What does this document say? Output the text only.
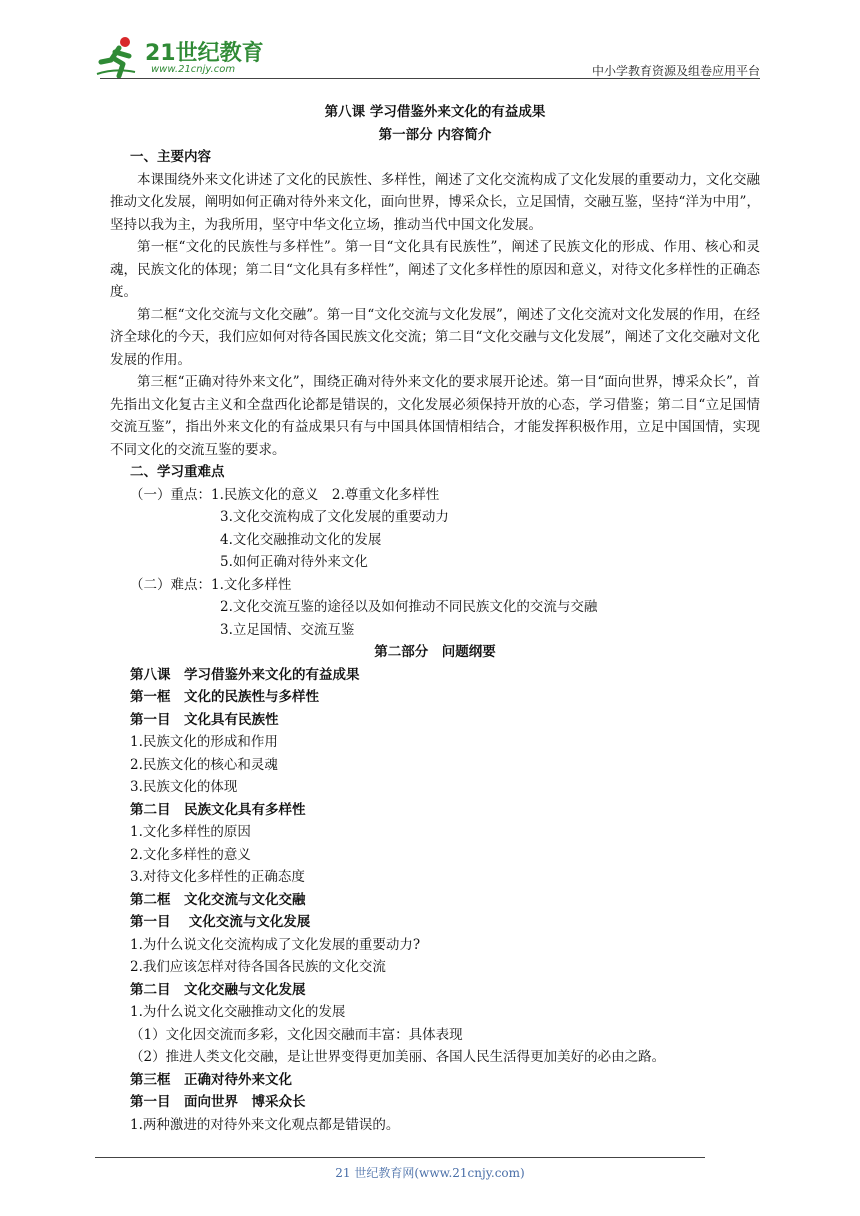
21世纪教育
www.21cnjy.com	中小学教育资源及组卷应用平台
第八课 学习借鉴外来文化的有益成果
第一部分 内容简介
一、主要内容
本课围绕外来文化讲述了文化的民族性、多样性，阐述了文化交流构成了文化发展的重要动力，文化交融推动文化发展，阐明如何正确对待外来文化，面向世界，博采众长，立足国情，交融互鉴，坚持“洋为中用”，坚持以我为主，为我所用，坚守中华文化立场，推动当代中国文化发展。
第一框“文化的民族性与多样性”。第一目“文化具有民族性”，阐述了民族文化的形成、作用、核心和灵魂，民族文化的体现；第二目“文化具有多样性”，阐述了文化多样性的原因和意义，对待文化多样性的正确态度。
第二框“文化交流与文化交融”。第一目“文化交流与文化发展”，阐述了文化交流对文化发展的作用，在经济全球化的今天，我们应如何对待各国民族文化交流；第二目“文化交融与文化发展”，阐述了文化交融对文化发展的作用。
第三框“正确对待外来文化”，围绕正确对待外来文化的要求展开论述。第一目“面向世界，博采众长”，首先指出文化复古主义和全盘西化论都是错误的，文化发展必须保持开放的心态，学习借鉴；第二目“立足国情 交流互鉴”，指出外来文化的有益成果只有与中国具体国情相结合，才能发挥积极作用，立足中国国情，实现不同文化的交流互鉴的要求。
二、学习重难点
（一）重点：1.民族文化的意义　2.尊重文化多样性
3.文化交流构成了文化发展的重要动力
4.文化交融推动文化的发展
5.如何正确对待外来文化
（二）难点：1.文化多样性
2.文化交流互鉴的途径以及如何推动不同民族文化的交流与交融
3.立足国情、交流互鉴
第二部分　问题纲要
第八课　学习借鉴外来文化的有益成果
第一框　文化的民族性与多样性
第一目　文化具有民族性
1.民族文化的形成和作用
2.民族文化的核心和灵魂
3.民族文化的体现
第二目　民族文化具有多样性
1.文化多样性的原因
2.文化多样性的意义
3.对待文化多样性的正确态度
第二框　文化交流与文化交融
第一目　 文化交流与文化发展
1.为什么说文化交流构成了文化发展的重要动力?
2.我们应该怎样对待各国各民族的文化交流
第二目　文化交融与文化发展
1.为什么说文化交融推动文化的发展
（1）文化因交流而多彩，文化因交融而丰富：具体表现
（2）推进人类文化交融，是让世界变得更加美丽、各国人民生活得更加美好的必由之路。
第三框　正确对待外来文化
第一目　面向世界　博采众长
1.两种激进的对待外来文化观点都是错误的。
21 世纪教育网(www.21cnjy.com)
